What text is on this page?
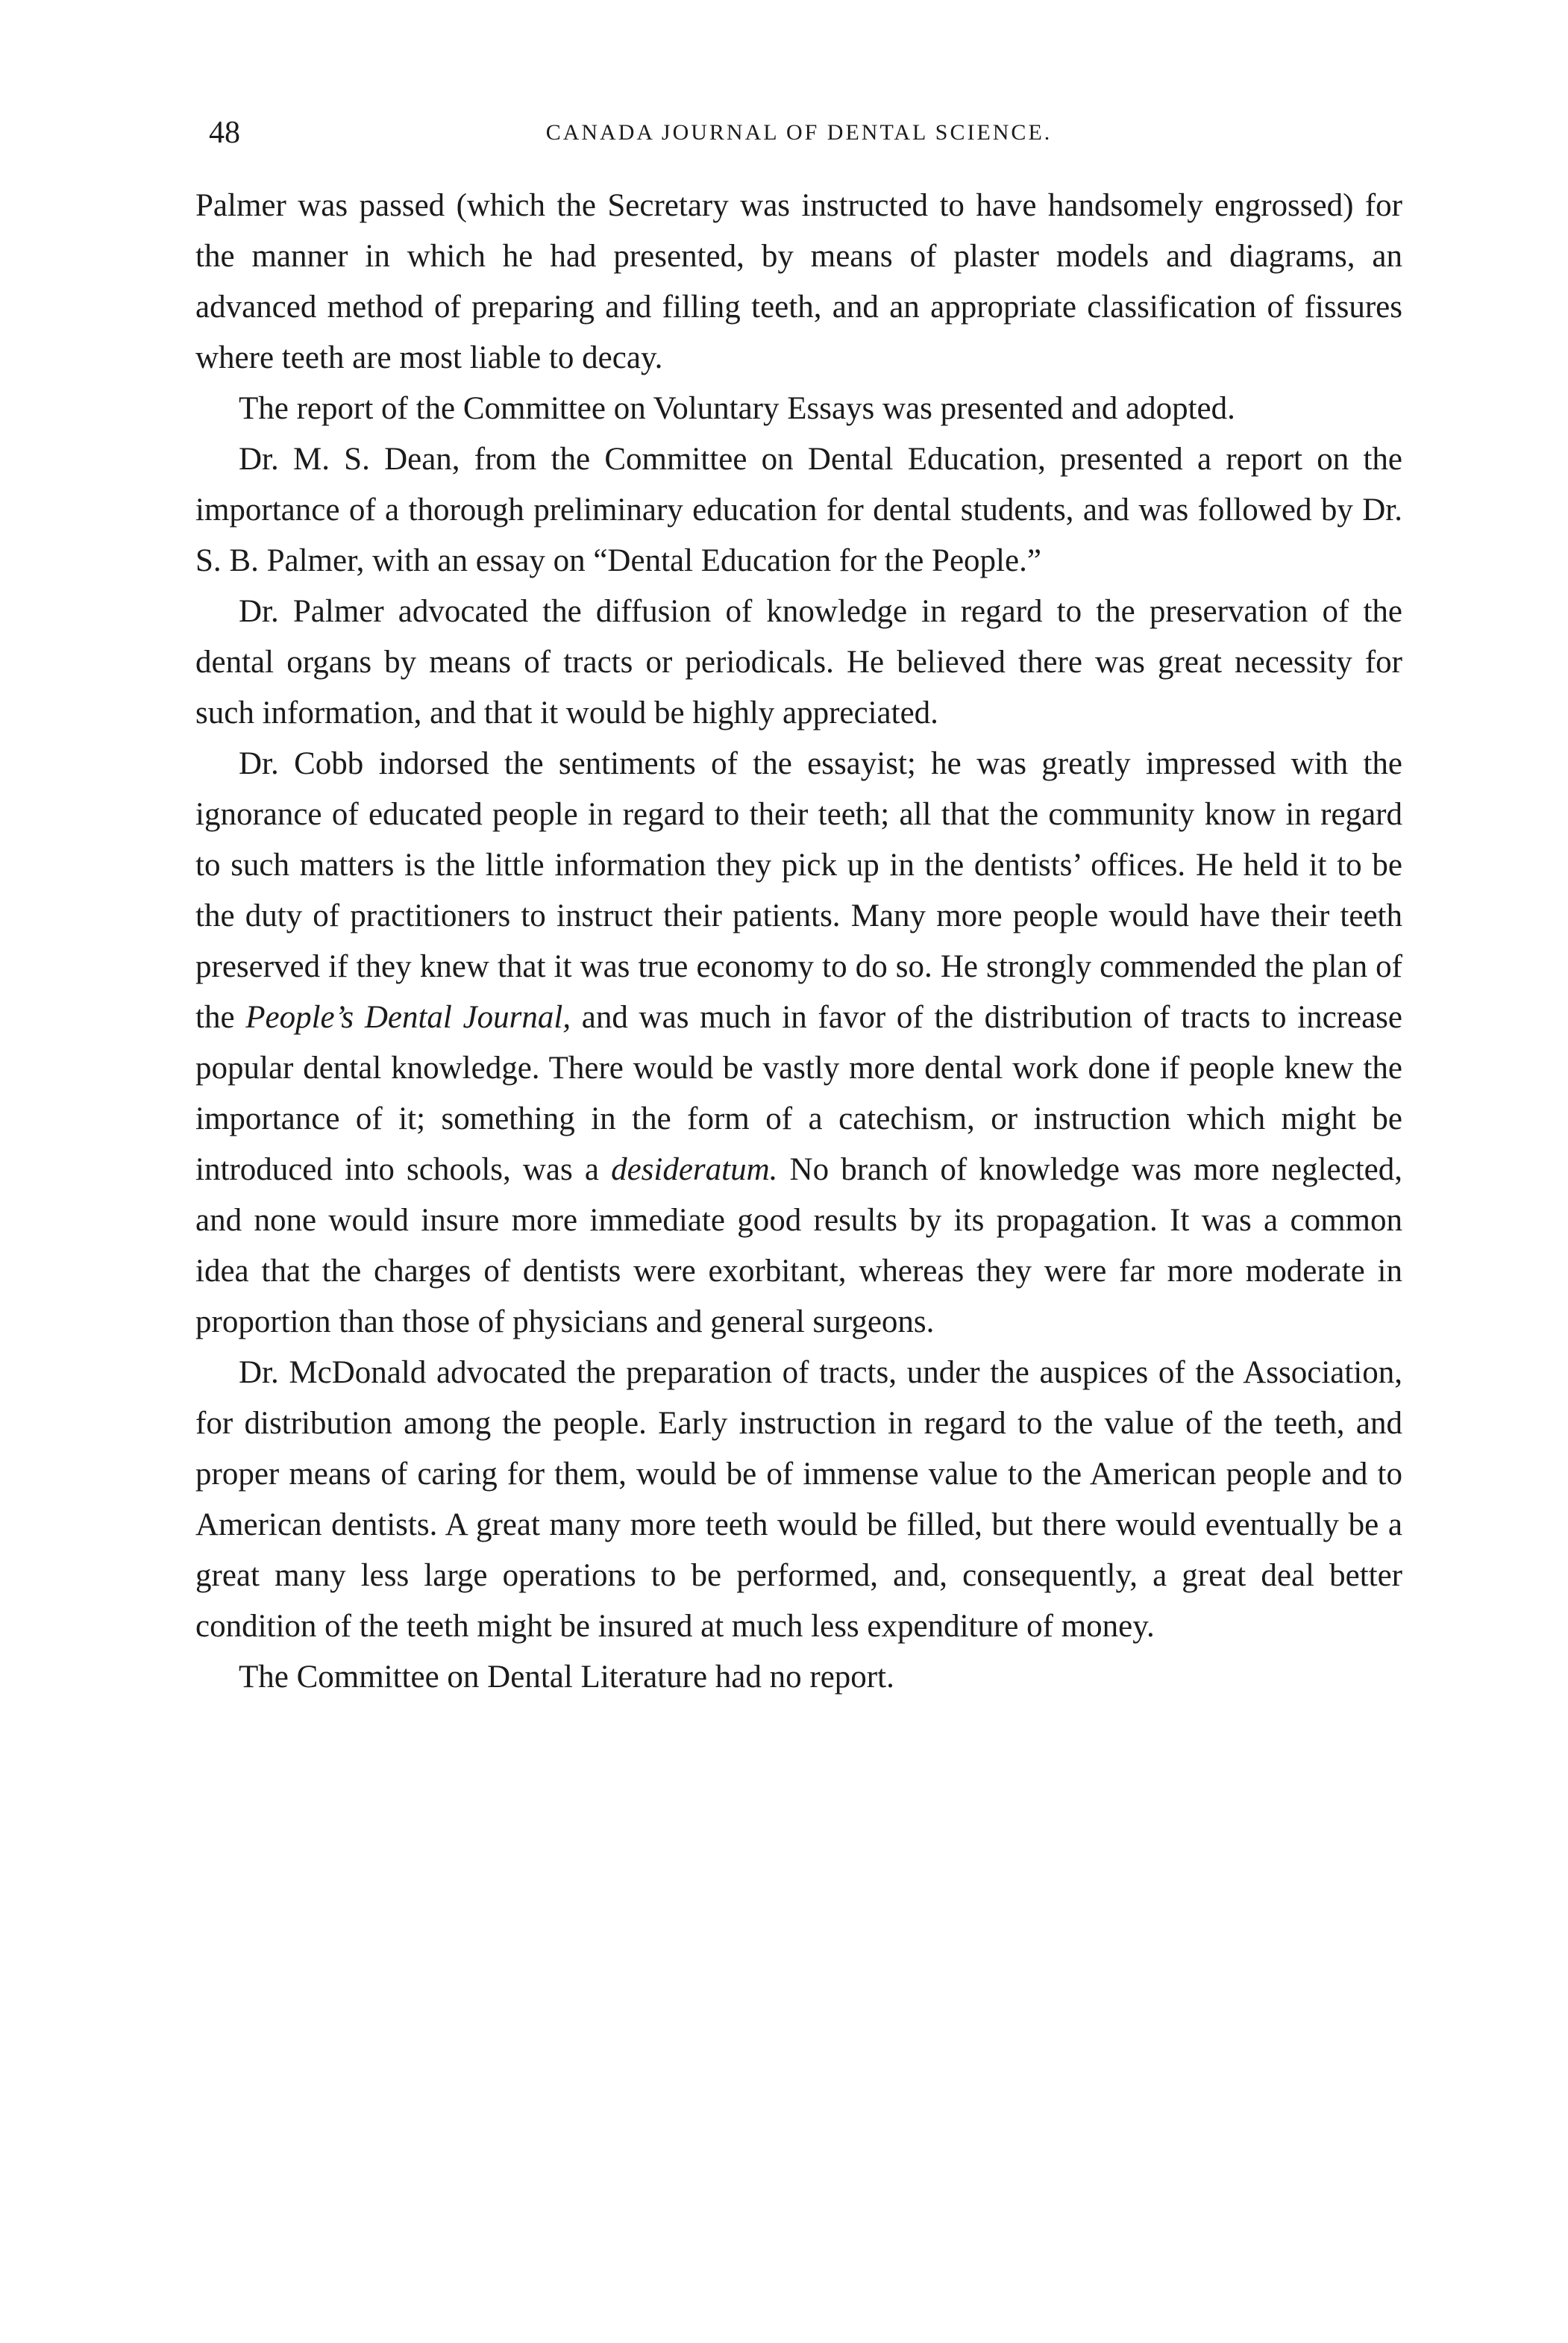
48	CANADA JOURNAL OF DENTAL SCIENCE.

Palmer was passed (which the Secretary was instructed to have handsomely engrossed) for the manner in which he had presented, by means of plaster models and diagrams, an advanced method of preparing and filling teeth, and an appropriate classification of fissures where teeth are most liable to decay.

The report of the Committee on Voluntary Essays was presented and adopted.

Dr. M. S. Dean, from the Committee on Dental Education, presented a report on the importance of a thorough preliminary education for dental students, and was followed by Dr. S. B. Palmer, with an essay on “Dental Education for the People.”

Dr. Palmer advocated the diffusion of knowledge in regard to the preservation of the dental organs by means of tracts or periodicals. He believed there was great necessity for such information, and that it would be highly appreciated.

Dr. Cobb indorsed the sentiments of the essayist; he was greatly impressed with the ignorance of educated people in regard to their teeth; all that the community know in regard to such matters is the little information they pick up in the dentists’ offices. He held it to be the duty of practitioners to instruct their patients. Many more people would have their teeth preserved if they knew that it was true economy to do so. He strongly commended the plan of the People’s Dental Journal, and was much in favor of the distribution of tracts to increase popular dental knowledge. There would be vastly more dental work done if people knew the importance of it; something in the form of a catechism, or instruction which might be introduced into schools, was a desideratum. No branch of knowledge was more neglected, and none would insure more immediate good results by its propagation. It was a common idea that the charges of dentists were exorbitant, whereas they were far more moderate in proportion than those of physicians and general surgeons.

Dr. McDonald advocated the preparation of tracts, under the auspices of the Association, for distribution among the people. Early instruction in regard to the value of the teeth, and proper means of caring for them, would be of immense value to the American people and to American dentists. A great many more teeth would be filled, but there would eventually be a great many less large operations to be performed, and, consequently, a great deal better condition of the teeth might be insured at much less expenditure of money.

The Committee on Dental Literature had no report.
